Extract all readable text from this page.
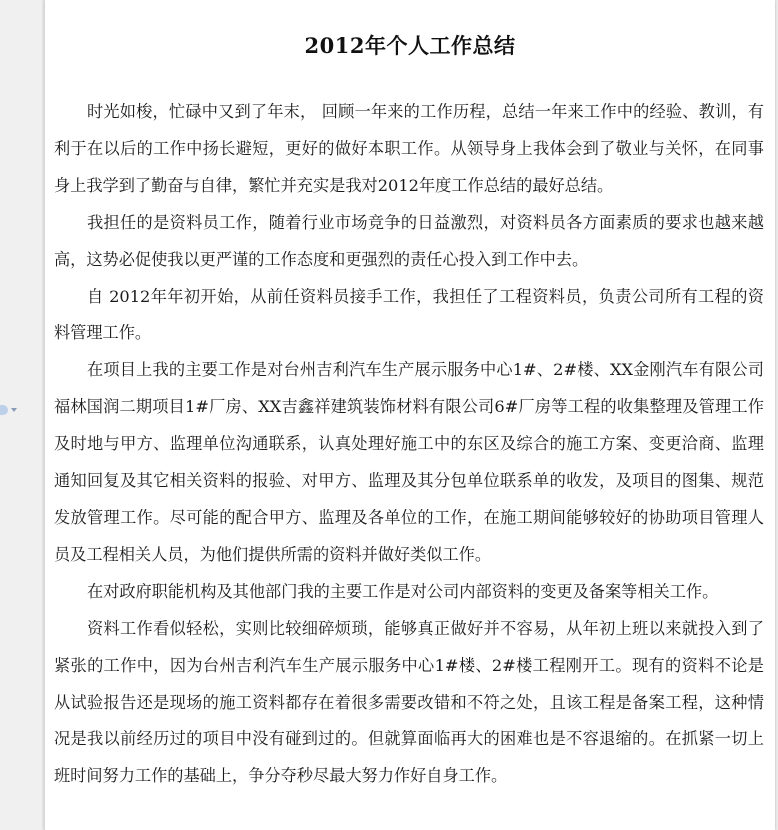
2012年个人工作总结

时光如梭，忙碌中又到了年末， 回顾一年来的工作历程，总结一年来工作中的经验、教训，有利于在以后的工作中扬长避短，更好的做好本职工作。从领导身上我体会到了敬业与关怀，在同事身上我学到了勤奋与自律，繁忙并充实是我对2012年度工作总结的最好总结。

我担任的是资料员工作，随着行业市场竞争的日益激烈，对资料员各方面素质的要求也越来越高，这势必促使我以更严谨的工作态度和更强烈的责任心投入到工作中去。

自 2012年年初开始，从前任资料员接手工作，我担任了工程资料员，负责公司所有工程的资料管理工作。

在项目上我的主要工作是对台州吉利汽车生产展示服务中心1#、2#楼、XX金刚汽车有限公司福林国润二期项目1#厂房、XX吉鑫祥建筑装饰材料有限公司6#厂房等工程的收集整理及管理工作及时地与甲方、监理单位沟通联系，认真处理好施工中的东区及综合的施工方案、变更洽商、监理通知回复及其它相关资料的报验、对甲方、监理及其分包单位联系单的收发，及项目的图集、规范发放管理工作。尽可能的配合甲方、监理及各单位的工作，在施工期间能够较好的协助项目管理人员及工程相关人员，为他们提供所需的资料并做好类似工作。

在对政府职能机构及其他部门我的主要工作是对公司内部资料的变更及备案等相关工作。

资料工作看似轻松，实则比较细碎烦琐，能够真正做好并不容易，从年初上班以来就投入到了紧张的工作中，因为台州吉利汽车生产展示服务中心1#楼、2#楼工程刚开工。现有的资料不论是从试验报告还是现场的施工资料都存在着很多需要改错和不符之处，且该工程是备案工程，这种情况是我以前经历过的项目中没有碰到过的。但就算面临再大的困难也是不容退缩的。在抓紧一切上班时间努力工作的基础上，争分夺秒尽最大努力作好自身工作。
